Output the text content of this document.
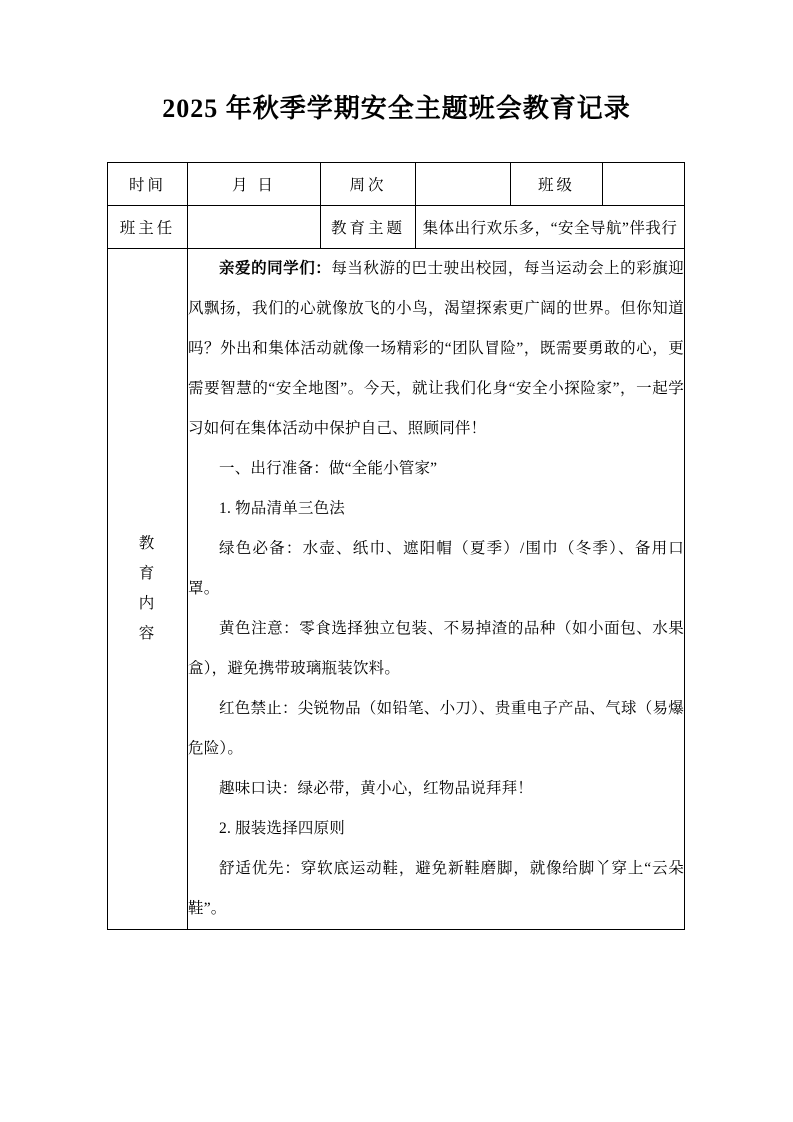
2025 年秋季学期安全主题班会教育记录
时间	月 日	周次		班级	
班主任		教育主题	集体出行欢乐多，“安全导航”伴我行		

教
育
内
容

亲爱的同学们：每当秋游的巴士驶出校园，每当运动会上的彩旗迎风飘扬，我们的心就像放飞的小鸟，渴望探索更广阔的世界。但你知道吗？外出和集体活动就像一场精彩的“团队冒险”，既需要勇敢的心，更需要智慧的“安全地图”。今天，就让我们化身“安全小探险家”，一起学习如何在集体活动中保护自己、照顾同伴！

一、出行准备：做“全能小管家”

1. 物品清单三色法

绿色必备：水壶、纸巾、遮阳帽（夏季）/围巾（冬季）、备用口罩。

黄色注意：零食选择独立包装、不易掉渣的品种（如小面包、水果盒），避免携带玻璃瓶装饮料。

红色禁止：尖锐物品（如铅笔、小刀）、贵重电子产品、气球（易爆危险）。

趣味口诀：绿必带，黄小心，红物品说拜拜！

2. 服装选择四原则

舒适优先：穿软底运动鞋，避免新鞋磨脚，就像给脚丫穿上“云朵鞋”。
